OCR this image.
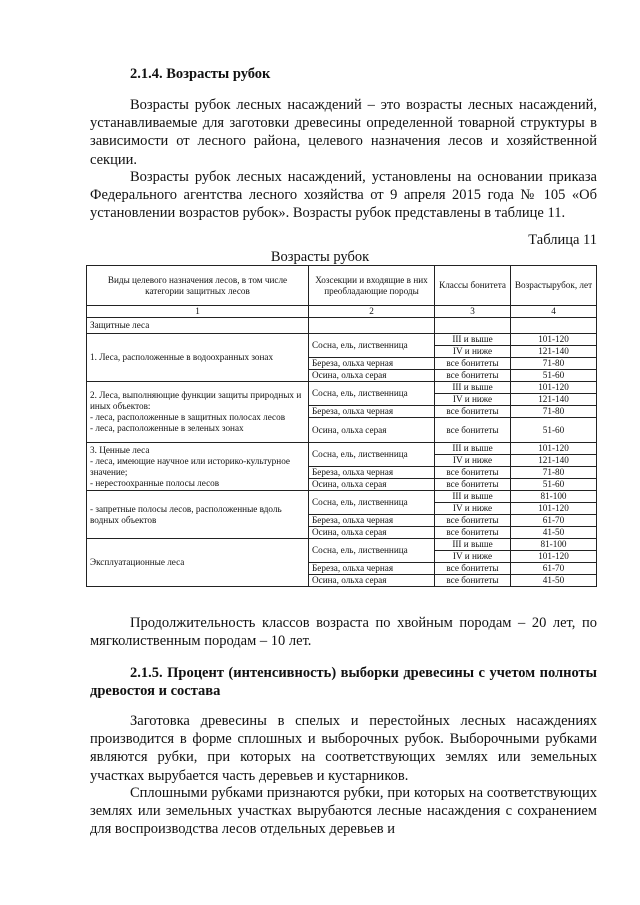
2.1.4. Возрасты рубок

Возрасты рубок лесных насаждений – это возрасты лесных насаждений, устанавливаемые для заготовки древесины определенной товарной структуры в зависимости от лесного района, целевого назначения лесов и хозяйственной секции.

Возрасты рубок лесных насаждений, установлены на основании приказа Федерального агентства лесного хозяйства от 9 апреля 2015 года № 105 «Об установлении возрастов рубок». Возрасты рубок представлены в таблице 11.

Таблица 11
Возрасты рубок
Виды целевого назначения лесов, в том числе категории защитных лесов	Хозсекции и входящие в них преобладающие породы	Классы бонитета	Возрастырубок, лет
1	2	3	4
Защитные леса			
1. Леса, расположенные в водоохранных зонах	Сосна, ель, лиственница	III и выше	101-120
		IV и ниже	121-140
	Береза, ольха черная	все бонитеты	71-80
	Осина, ольха серая	все бонитеты	51-60

2. Леса, выполняющие функции защиты природных и иных объектов:
- леса, расположенные в защитных полосах лесов
- леса, расположенные в зеленых зонах	Сосна, ель, лиственница	III и выше	101-120
		IV и ниже	121-140
	Береза, ольха черная	все бонитеты	71-80
	Осина, ольха серая	все бонитеты	51-60

3. Ценные леса
- леса, имеющие научное или историко-культурное значение;
- нерестоохранные полосы лесов	Сосна, ель, лиственница	III и выше	101-120
		IV и ниже	121-140
	Береза, ольха черная	все бонитеты	71-80
	Осина, ольха серая	все бонитеты	51-60
- запретные полосы лесов, расположенные вдоль водных объектов	Сосна, ель, лиственница	III и выше	81-100
		IV и ниже	101-120
	Береза, ольха черная	все бонитеты	61-70
	Осина, ольха серая	все бонитеты	41-50
Эксплуатационные леса	Сосна, ель, лиственница	III и выше	81-100
		IV и ниже	101-120
	Береза, ольха черная	все бонитеты	61-70
	Осина, ольха серая	все бонитеты	41-50

Продолжительность классов возраста по хвойным породам – 20 лет, по мягколиственным породам – 10 лет.

2.1.5. Процент (интенсивность) выборки древесины с учетом полноты древостоя и состава

Заготовка древесины в спелых и перестойных лесных насаждениях производится в форме сплошных и выборочных рубок. Выборочными рубками являются рубки, при которых на соответствующих землях или земельных участках вырубается часть деревьев и кустарников.

Сплошными рубками признаются рубки, при которых на соответствующих землях или земельных участках вырубаются лесные насаждения с сохранением для воспроизводства лесов отдельных деревьев и
